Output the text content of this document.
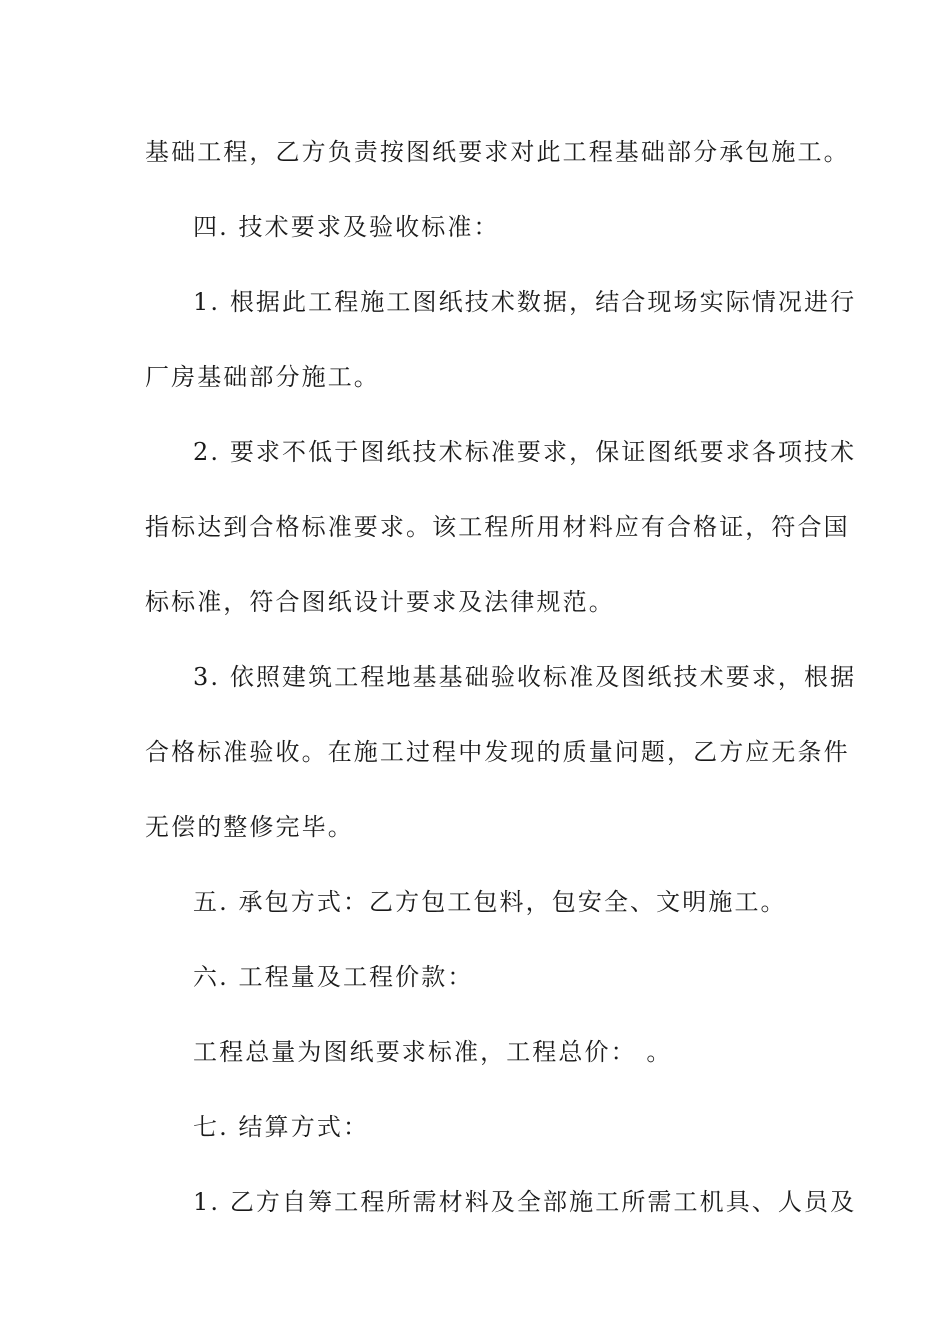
基础工程，乙方负责按图纸要求对此工程基础部分承包施工。
四. 技术要求及验收标准：
1. 根据此工程施工图纸技术数据，结合现场实际情况进行
厂房基础部分施工。
2. 要求不低于图纸技术标准要求，保证图纸要求各项技术
指标达到合格标准要求。该工程所用材料应有合格证，符合国
标标准，符合图纸设计要求及法律规范。
3. 依照建筑工程地基基础验收标准及图纸技术要求，根据
合格标准验收。在施工过程中发现的质量问题，乙方应无条件
无偿的整修完毕。
五. 承包方式：乙方包工包料，包安全、文明施工。
六. 工程量及工程价款：
工程总量为图纸要求标准，工程总价： 。
七. 结算方式：
1. 乙方自筹工程所需材料及全部施工所需工机具、人员及
